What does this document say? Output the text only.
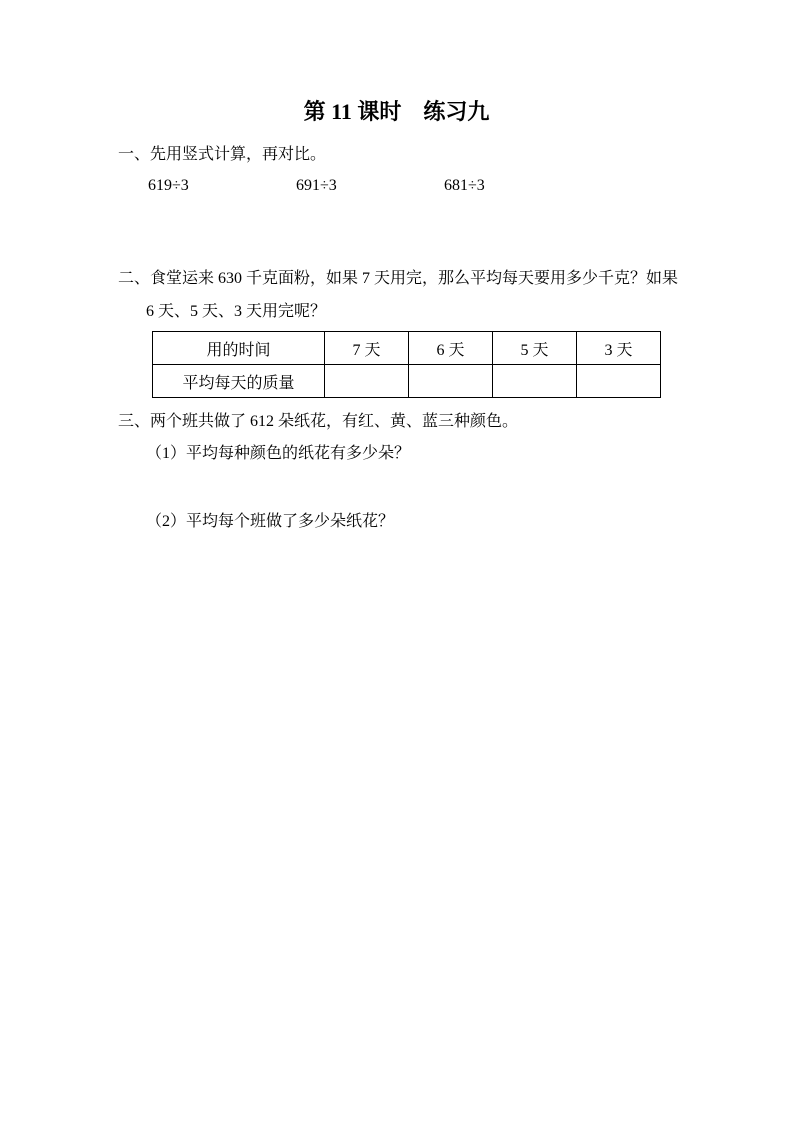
第 11 课时　练习九
一、先用竖式计算，再对比。
619÷3	691÷3	681÷3
二、食堂运来 630 千克面粉，如果 7 天用完，那么平均每天要用多少千克？如果
6 天、5 天、3 天用完呢？
用的时间	7 天	6 天	5 天	3 天
平均每天的质量				
三、两个班共做了 612 朵纸花，有红、黄、蓝三种颜色。
（1）平均每种颜色的纸花有多少朵？
（2）平均每个班做了多少朵纸花？
